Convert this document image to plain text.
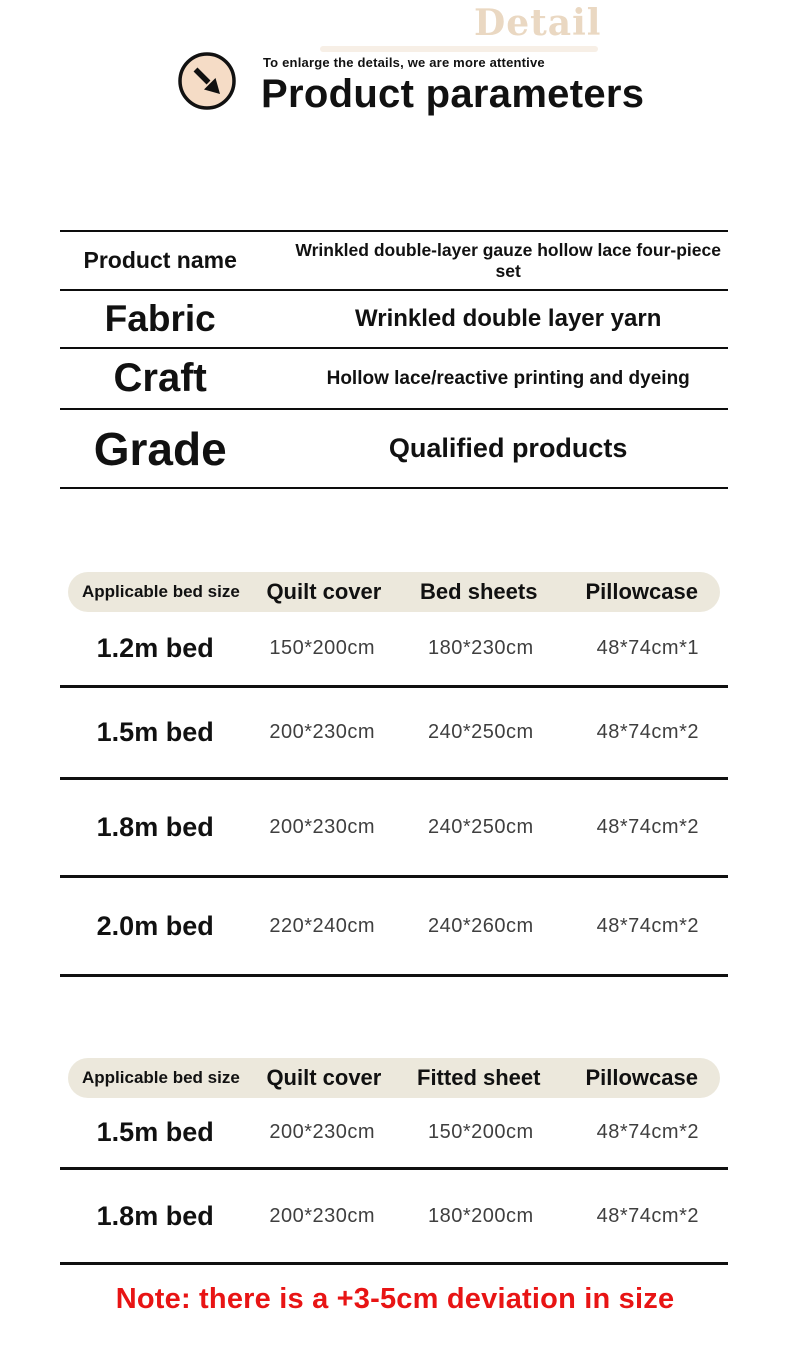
Detail
To enlarge the details, we are more attentive
Product parameters
Product name	Wrinkled double-layer gauze hollow lace four-piece set
Fabric	Wrinkled double layer yarn
Craft	Hollow lace/reactive printing and dyeing
Grade	Qualified products
Applicable bed size	Quilt cover	Bed sheets	Pillowcase
1.2m bed	150*200cm	180*230cm	48*74cm*1
1.5m bed	200*230cm	240*250cm	48*74cm*2
1.8m bed	200*230cm	240*250cm	48*74cm*2
2.0m bed	220*240cm	240*260cm	48*74cm*2
Applicable bed size	Quilt cover	Fitted sheet	Pillowcase
1.5m bed	200*230cm	150*200cm	48*74cm*2
1.8m bed	200*230cm	180*200cm	48*74cm*2
Note: there is a +3-5cm deviation in size
